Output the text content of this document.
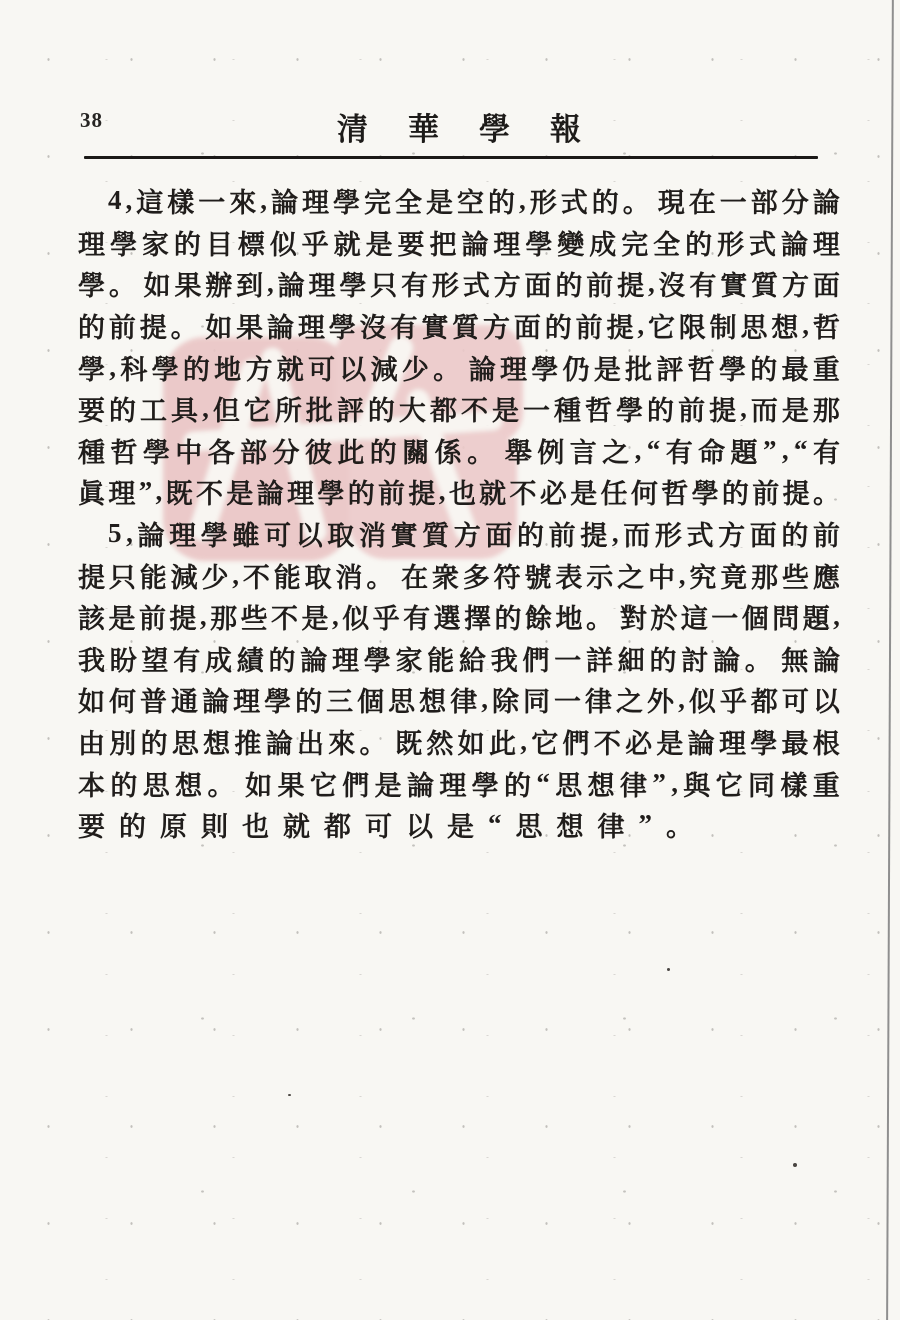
38	清華學報
4 , 這 樣 一 來 , 論 理 學 完 全 是 空 的 , 形 式 的 。 現 在 一 部 分 論
理 學 家 的 目 標 似 乎 就 是 要 把 論 理 學 變 成 完 全 的 形 式 論 理
學 。 如 果 辦 到 , 論 理 學 只 有 形 式 方 面 的 前 提 , 沒 有 實 質 方 面
的 前 提 。 如 果 論 理 學 沒 有 實 質 方 面 的 前 提 , 它 限 制 思 想 , 哲
學 , 科 學 的 地 方 就 可 以 減 少 。 論 理 學 仍 是 批 評 哲 學 的 最 重
要 的 工 具 , 但 它 所 批 評 的 大 都 不 是 一 種 哲 學 的 前 提 , 而 是 那
種 哲 學 中 各 部 分 彼 此 的 關 係 。 舉 例 言 之 , “ 有 命 題 ” , “ 有
眞 理 ” , 既 不 是 論 理 學 的 前 提 , 也 就 不 必 是 任 何 哲 學 的 前 提 。
5 , 論 理 學 雖 可 以 取 消 實 質 方 面 的 前 提 , 而 形 式 方 面 的 前
提 只 能 減 少 , 不 能 取 消 。 在 衆 多 符 號 表 示 之 中 , 究 竟 那 些 應
該 是 前 提 , 那 些 不 是 , 似 乎 有 選 擇 的 餘 地 。 對 於 這 一 個 問 題 ,
我 盼 望 有 成 績 的 論 理 學 家 能 給 我 們 一 詳 細 的 討 論 。 無 論
如 何 普 通 論 理 學 的 三 個 思 想 律 , 除 同 一 律 之 外 , 似 乎 都 可 以
由 別 的 思 想 推 論 出 來 。 既 然 如 此 , 它 們 不 必 是 論 理 學 最 根
本 的 思 想 。 如 果 它 們 是 論 理 學 的 “ 思 想 律 ” , 與 它 同 樣 重
要 的 原 則 也 就 都 可 以 是 “ 思 想 律 ” 。
